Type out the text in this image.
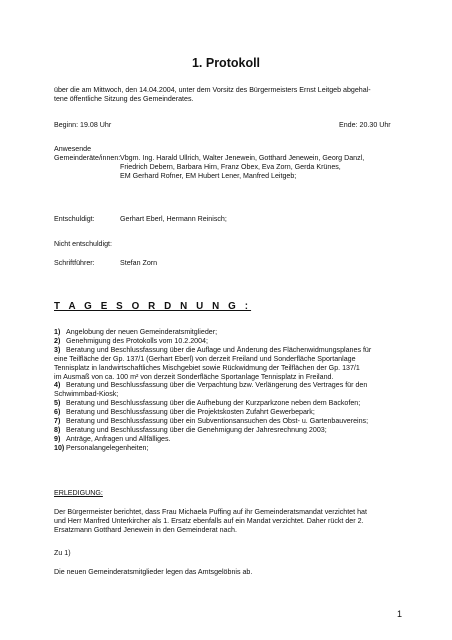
1. Protokoll
über die am Mittwoch, den 14.04.2004, unter dem Vorsitz des Bürgermeisters Ernst Leitgeb abgehal-
tene öffentliche Sitzung des Gemeinderates.
Beginn: 19.08 Uhr	Ende: 20.30 Uhr
Anwesende
Gemeinderäte/innen: Vbgm. Ing. Harald Ullrich, Walter Jenewein, Gotthard Jenewein, Georg Danzl,
Friedrich Debern, Barbara Hirn, Franz Obex, Eva Zorn, Gerda Krünes,
EM Gerhard Rofner, EM Hubert Lener, Manfred Leitgeb;
Entschuldigt:	Gerhart Eberl, Hermann Reinisch;
Nicht entschuldigt:
Schriftführer:	Stefan Zorn
T A G E S O R D N U N G :
1) Angelobung der neuen Gemeinderatsmitglieder;
2) Genehmigung des Protokolls vom 10.2.2004;
3) Beratung und Beschlussfassung über die Auflage und Änderung des Flächenwidmungsplanes für
eine Teilfläche der Gp. 137/1 (Gerhart Eberl) von derzeit Freiland und Sonderfläche Sportanlage
Tennisplatz in landwirtschaftliches Mischgebiet sowie Rückwidmung der Teilflächen der Gp. 137/1
im Ausmaß von ca. 100 m² von derzeit Sonderfläche Sportanlage Tennisplatz in Freiland.
4) Beratung und Beschlussfassung über die Verpachtung bzw. Verlängerung des Vertrages für den
Schwimmbad-Kiosk;
5) Beratung und Beschlussfassung über die Aufhebung der Kurzparkzone neben dem Backofen;
6) Beratung und Beschlussfassung über die Projektskosten Zufahrt Gewerbepark;
7) Beratung und Beschlussfassung über ein Subventionsansuchen des Obst- u. Gartenbauvereins;
8) Beratung und Beschlussfassung über die Genehmigung der Jahresrechnung 2003;
9) Anträge, Anfragen und Allfälliges.
10) Personalangelegenheiten;
ERLEDIGUNG:
Der Bürgermeister berichtet, dass Frau Michaela Puffing auf ihr Gemeinderatsmandat verzichtet hat
und Herr Manfred Unterkircher als 1. Ersatz ebenfalls auf ein Mandat verzichtet. Daher rückt der 2.
Ersatzmann Gotthard Jenewein in den Gemeinderat nach.
Zu 1)
Die neuen Gemeinderatsmitglieder legen das Amtsgelöbnis ab.
1
